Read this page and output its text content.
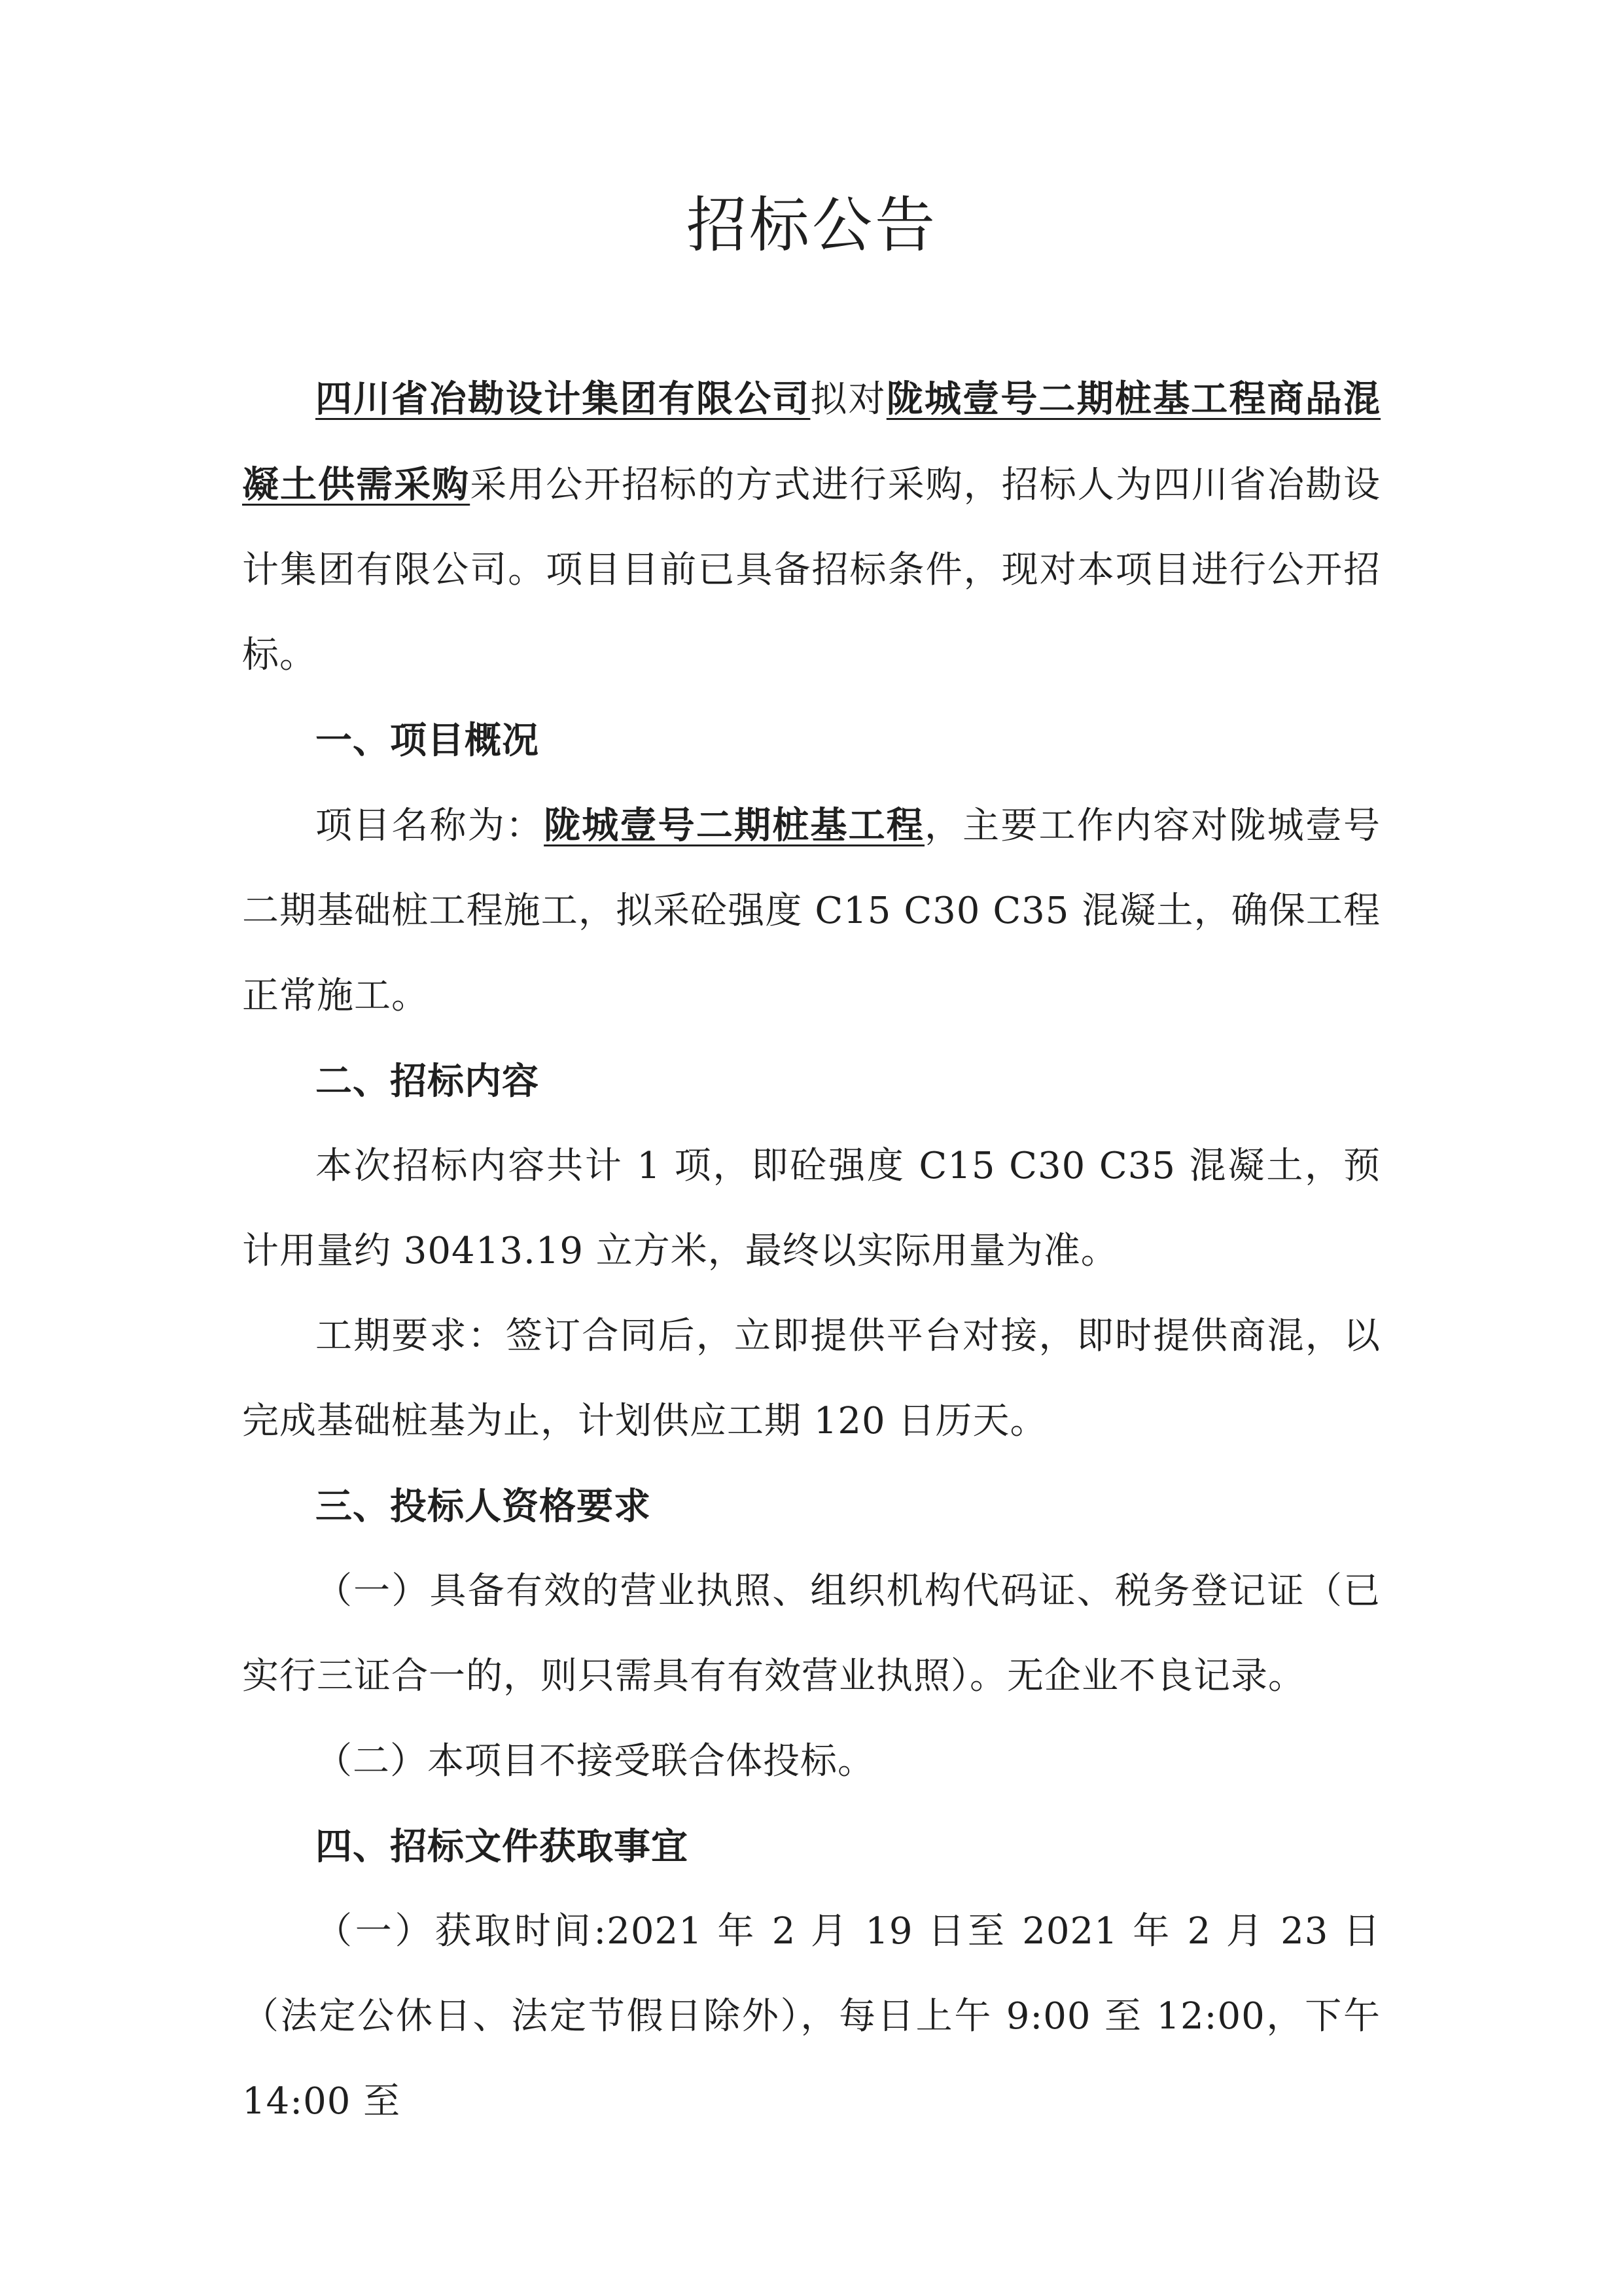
招标公告

四川省冶勘设计集团有限公司拟对陇城壹号二期桩基工程商品混凝土供需采购采用公开招标的方式进行采购，招标人为四川省冶勘设计集团有限公司。项目目前已具备招标条件，现对本项目进行公开招标。

一、项目概况

项目名称为：陇城壹号二期桩基工程，主要工作内容对陇城壹号二期基础桩工程施工，拟采砼强度 C15 C30 C35 混凝土，确保工程正常施工。

二、招标内容

本次招标内容共计 1 项，即砼强度 C15 C30 C35 混凝土，预计用量约 30413.19 立方米，最终以实际用量为准。

工期要求：签订合同后，立即提供平台对接，即时提供商混，以完成基础桩基为止，计划供应工期 120 日历天。

三、投标人资格要求

（一）具备有效的营业执照、组织机构代码证、税务登记证（已实行三证合一的，则只需具有有效营业执照）。无企业不良记录。

（二）本项目不接受联合体投标。

四、招标文件获取事宜

（一）获取时间:2021 年 2 月 19 日至 2021 年 2 月 23 日（法定公休日、法定节假日除外），每日上午 9:00 至 12:00，下午 14:00 至
